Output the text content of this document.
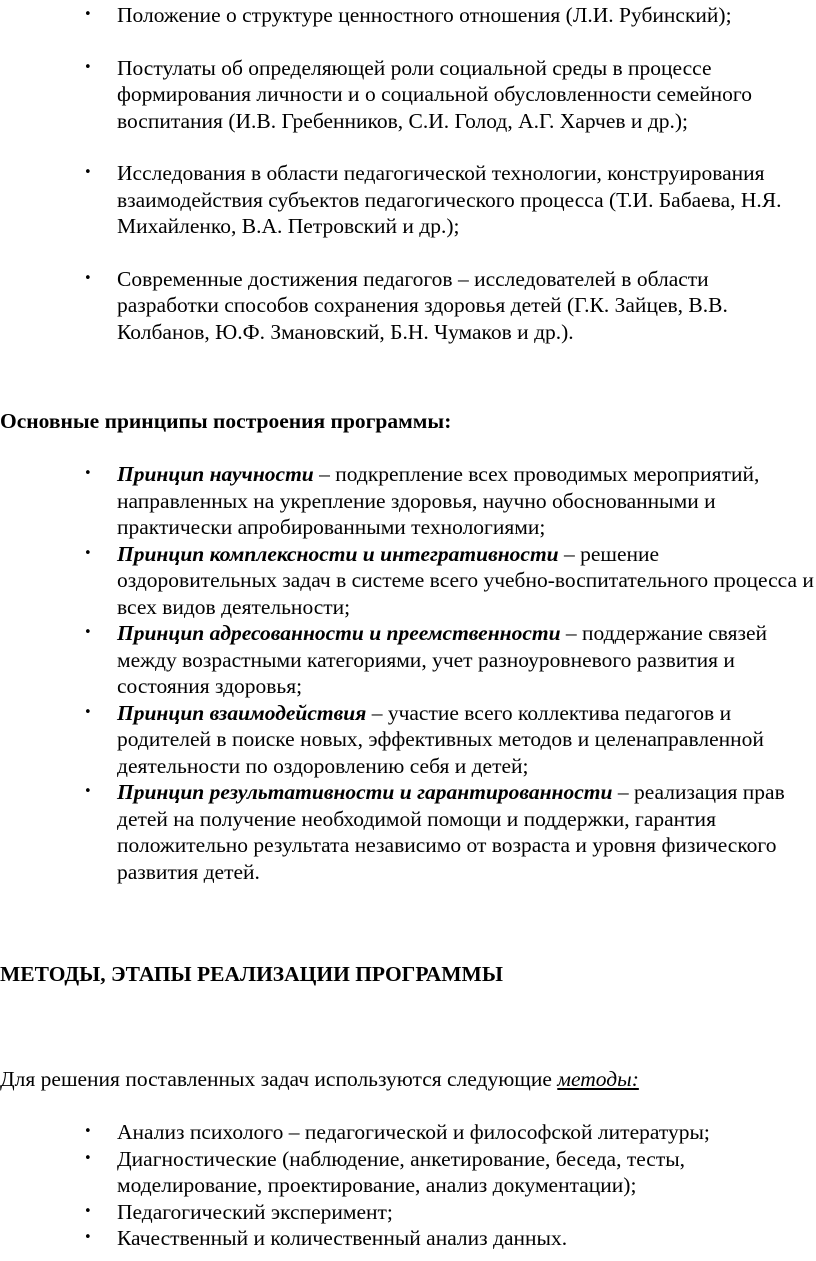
• Положение о структуре ценностного отношения (Л.И. Рубинский);
• Постулаты об определяющей роли социальной среды в процессе формирования личности и о социальной обусловленности семейного воспитания (И.В. Гребенников, С.И. Голод, А.Г. Харчев и др.);
• Исследования в области педагогической технологии, конструирования взаимодействия субъектов педагогического процесса (Т.И. Бабаева, Н.Я. Михайленко, В.А. Петровский и др.);
• Современные достижения педагогов – исследователей в области разработки способов сохранения здоровья детей (Г.К. Зайцев, В.В. Колбанов, Ю.Ф. Змановский, Б.Н. Чумаков и др.).

Основные принципы построения программы:

• Принцип научности – подкрепление всех проводимых мероприятий, направленных на укрепление здоровья, научно обоснованными и практически апробированными технологиями;
• Принцип комплексности и интегративности – решение оздоровительных задач в системе всего учебно-воспитательного процесса и всех видов деятельности;
• Принцип адресованности и преемственности – поддержание связей между возрастными категориями, учет разноуровневого развития и состояния здоровья;
• Принцип взаимодействия – участие всего коллектива педагогов и родителей в поиске новых, эффективных методов и целенаправленной деятельности по оздоровлению себя и детей;
• Принцип результативности и гарантированности – реализация прав детей на получение необходимой помощи и поддержки, гарантия положительно результата независимо от возраста и уровня физического развития детей.

МЕТОДЫ, ЭТАПЫ РЕАЛИЗАЦИИ ПРОГРАММЫ

Для решения поставленных задач используются следующие методы:

• Анализ психолого – педагогической и философской литературы;
• Диагностические (наблюдение, анкетирование, беседа, тесты, моделирование, проектирование, анализ документации);
• Педагогический эксперимент;
• Качественный и количественный анализ данных.
